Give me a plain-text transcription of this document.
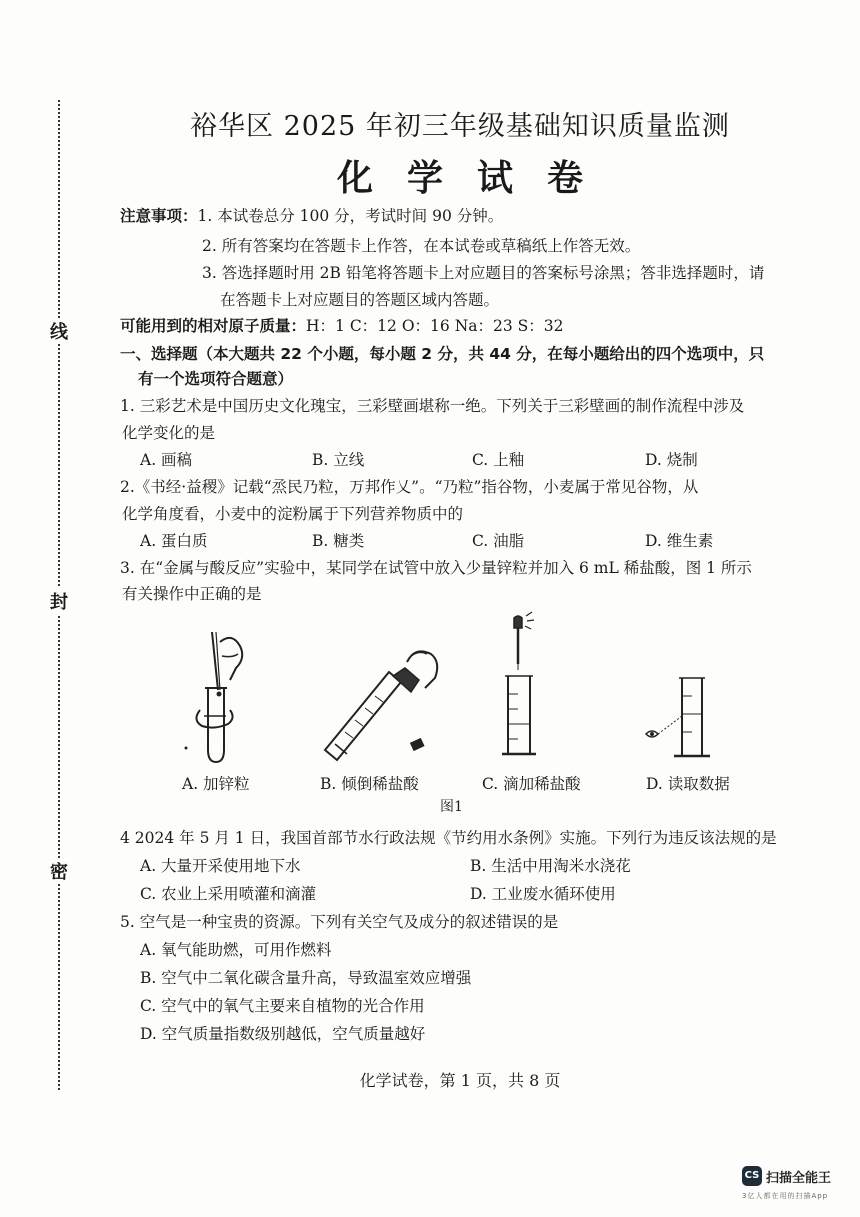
线
封
密
裕华区 2025 年初三年级基础知识质量监测
化学试卷
注意事项：1. 本试卷总分 100 分，考试时间 90 分钟。
2. 所有答案均在答题卡上作答，在本试卷或草稿纸上作答无效。
3. 答选择题时用 2B 铅笔将答题卡上对应题目的答案标号涂黑；答非选择题时，请
在答题卡上对应题目的答题区域内答题。
可能用到的相对原子质量：H：1 C：12 O：16 Na：23 S：32
一、选择题（本大题共 22 个小题，每小题 2 分，共 44 分，在每小题给出的四个选项中，只
有一个选项符合题意）
1. 三彩艺术是中国历史文化瑰宝，三彩壁画堪称一绝。下列关于三彩壁画的制作流程中涉及
化学变化的是
A. 画稿	B. 立线	C. 上釉	D. 烧制
2.《书经·益稷》记载“烝民乃粒，万邦作乂”。“乃粒”指谷物，小麦属于常见谷物，从
化学角度看，小麦中的淀粉属于下列营养物质中的
A. 蛋白质	B. 糖类	C. 油脂	D. 维生素
3. 在“金属与酸反应”实验中，某同学在试管中放入少量锌粒并加入 6 mL 稀盐酸，图 1 所示
有关操作中正确的是
A. 加锌粒	B. 倾倒稀盐酸	C. 滴加稀盐酸	D. 读取数据
图1
4 2024 年 5 月 1 日，我国首部节水行政法规《节约用水条例》实施。下列行为违反该法规的是
A. 大量开采使用地下水	B. 生活中用淘米水浇花
C. 农业上采用喷灌和滴灌	D. 工业废水循环使用
5. 空气是一种宝贵的资源。下列有关空气及成分的叙述错误的是
A. 氧气能助燃，可用作燃料
B. 空气中二氧化碳含量升高，导致温室效应增强
C. 空气中的氧气主要来自植物的光合作用
D. 空气质量指数级别越低，空气质量越好
化学试卷，第 1 页，共 8 页
CS 扫描全能王
3亿人都在用的扫描App
